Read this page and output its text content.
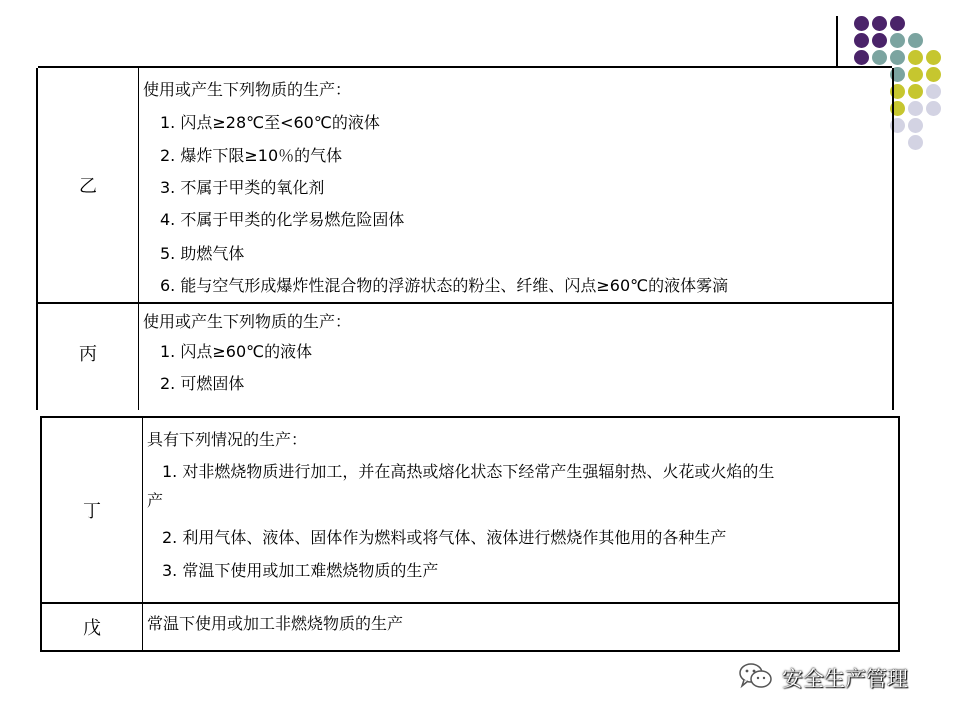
乙
使用或产生下列物质的生产：
1. 闪点≥28℃至<60℃的液体
2. 爆炸下限≥10％的气体
3. 不属于甲类的氧化剂
4. 不属于甲类的化学易燃危险固体
5. 助燃气体
6. 能与空气形成爆炸性混合物的浮游状态的粉尘、纤维、闪点≥60℃的液体雾滴
丙
使用或产生下列物质的生产：
1. 闪点≥60℃的液体
2. 可燃固体
丁
具有下列情况的生产：
1. 对非燃烧物质进行加工，并在高热或熔化状态下经常产生强辐射热、火花或火焰的生
产
2. 利用气体、液体、固体作为燃料或将气体、液体进行燃烧作其他用的各种生产
3. 常温下使用或加工难燃烧物质的生产
戊	常温下使用或加工非燃烧物质的生产
安全生产管理
